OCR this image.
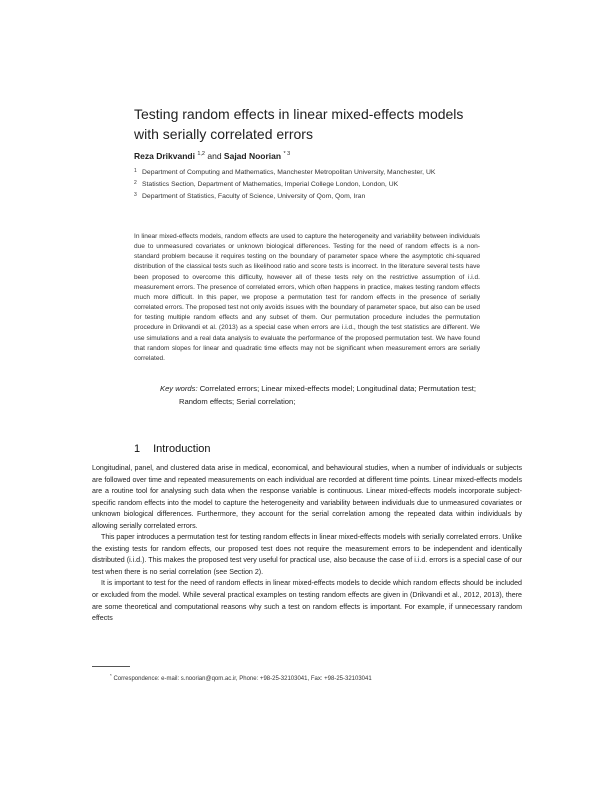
Testing random effects in linear mixed-effects models with serially correlated errors
Reza Drikvandi $^{1,2}$ and Sajad Noorian $^{* 3}$
1 Department of Computing and Mathematics, Manchester Metropolitan University, Manchester, UK
2 Statistics Section, Department of Mathematics, Imperial College London, London, UK
3 Department of Statistics, Faculty of Science, University of Qom, Qom, Iran
In linear mixed-effects models, random effects are used to capture the heterogeneity and variability between individuals due to unmeasured covariates or unknown biological differences. Testing for the need of random effects is a non-standard problem because it requires testing on the boundary of parameter space where the asymptotic chi-squared distribution of the classical tests such as likelihood ratio and score tests is incorrect. In the literature several tests have been proposed to overcome this difficulty, however all of these tests rely on the restrictive assumption of i.i.d. measurement errors. The presence of correlated errors, which often happens in practice, makes testing random effects much more difficult. In this paper, we propose a permutation test for random effects in the presence of serially correlated errors. The proposed test not only avoids issues with the boundary of parameter space, but also can be used for testing multiple random effects and any subset of them. Our permutation procedure includes the permutation procedure in Drikvandi et al. (2013) as a special case when errors are i.i.d., though the test statistics are different. We use simulations and a real data analysis to evaluate the performance of the proposed permutation test. We have found that random slopes for linear and quadratic time effects may not be significant when measurement errors are serially correlated.
Key words: Correlated errors; Linear mixed-effects model; Longitudinal data; Permutation test;
Random effects; Serial correlation;
1 Introduction

Longitudinal, panel, and clustered data arise in medical, economical, and behavioural studies, when a number of individuals or subjects are followed over time and repeated measurements on each individual are recorded at different time points. Linear mixed-effects models are a routine tool for analysing such data when the response variable is continuous. Linear mixed-effects models incorporate subject-specific random effects into the model to capture the heterogeneity and variability between individuals due to unmeasured covariates or unknown biological differences. Furthermore, they account for the serial correlation among the repeated data within individuals by allowing serially correlated errors.

This paper introduces a permutation test for testing random effects in linear mixed-effects models with serially correlated errors. Unlike the existing tests for random effects, our proposed test does not require the measurement errors to be independent and identically distributed (i.i.d.). This makes the proposed test very useful for practical use, also because the case of i.i.d. errors is a special case of our test when there is no serial correlation (see Section 2).

It is important to test for the need of random effects in linear mixed-effects models to decide which random effects should be included or excluded from the model. While several practical examples on testing random effects are given in (Drikvandi et al., 2012, 2013), there are some theoretical and computational reasons why such a test on random effects is important. For example, if unnecessary random effects

* Correspondence: e-mail: s.noorian@qom.ac.ir, Phone: +98-25-32103041, Fax: +98-25-32103041
